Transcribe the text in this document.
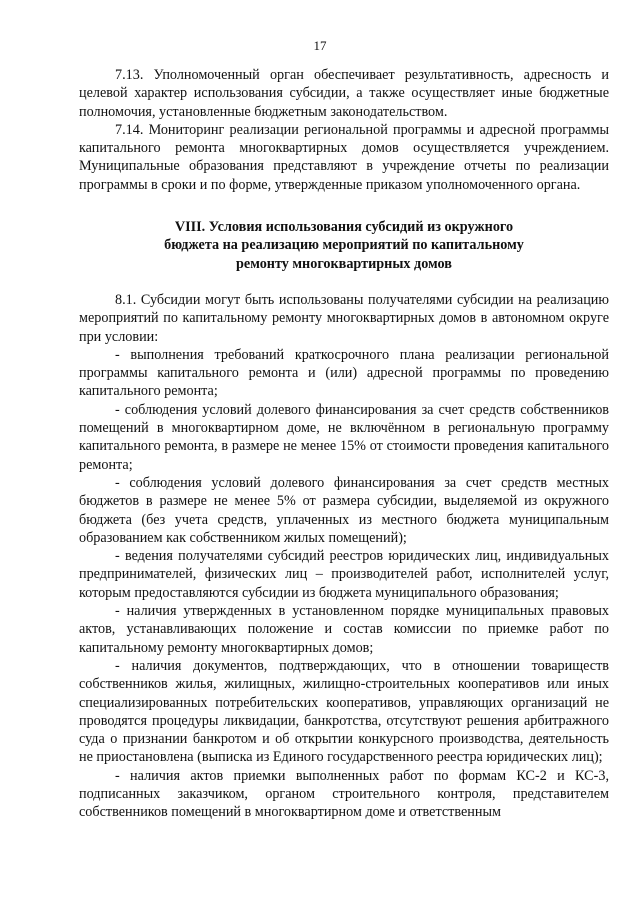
17

7.13. Уполномоченный орган обеспечивает результативность, адресность и целевой характер использования субсидии, а также осуществляет иные бюджетные полномочия, установленные бюджетным законодательством.

7.14. Мониторинг реализации региональной программы и адресной программы капитального ремонта многоквартирных домов осуществляется учреждением. Муниципальные образования представляют в учреждение отчеты по реализации программы в сроки и по форме, утвержденные приказом уполномоченного органа.

VIII. Условия использования субсидий из окружного
бюджета на реализацию мероприятий по капитальному
ремонту многоквартирных домов

8.1. Субсидии могут быть использованы получателями субсидии на реализацию мероприятий по капитальному ремонту многоквартирных домов в автономном округе при условии:

- выполнения требований краткосрочного плана реализации региональной программы капитального ремонта и (или) адресной программы по проведению капитального ремонта;

- соблюдения условий долевого финансирования за счет средств собственников помещений в многоквартирном доме, не включённом в региональную программу капитального ремонта, в размере не менее 15% от стоимости проведения капитального ремонта;

- соблюдения условий долевого финансирования за счет средств местных бюджетов в размере не менее 5% от размера субсидии, выделяемой из окружного бюджета (без учета средств, уплаченных из местного бюджета муниципальным образованием как собственником жилых помещений);

- ведения получателями субсидий реестров юридических лиц, индивидуальных предпринимателей, физических лиц – производителей работ, исполнителей услуг, которым предоставляются субсидии из бюджета муниципального образования;

- наличия утвержденных в установленном порядке муниципальных правовых актов, устанавливающих положение и состав комиссии по приемке работ по капитальному ремонту многоквартирных домов;

- наличия документов, подтверждающих, что в отношении товариществ собственников жилья, жилищных, жилищно-строительных кооперативов или иных специализированных потребительских кооперативов, управляющих организаций не проводятся процедуры ликвидации, банкротства, отсутствуют решения арбитражного суда о признании банкротом и об открытии конкурсного производства, деятельность не приостановлена (выписка из Единого государственного реестра юридических лиц);

- наличия актов приемки выполненных работ по формам КС-2 и КС-3, подписанных заказчиком, органом строительного контроля, представителем собственников помещений в многоквартирном доме и ответственным
